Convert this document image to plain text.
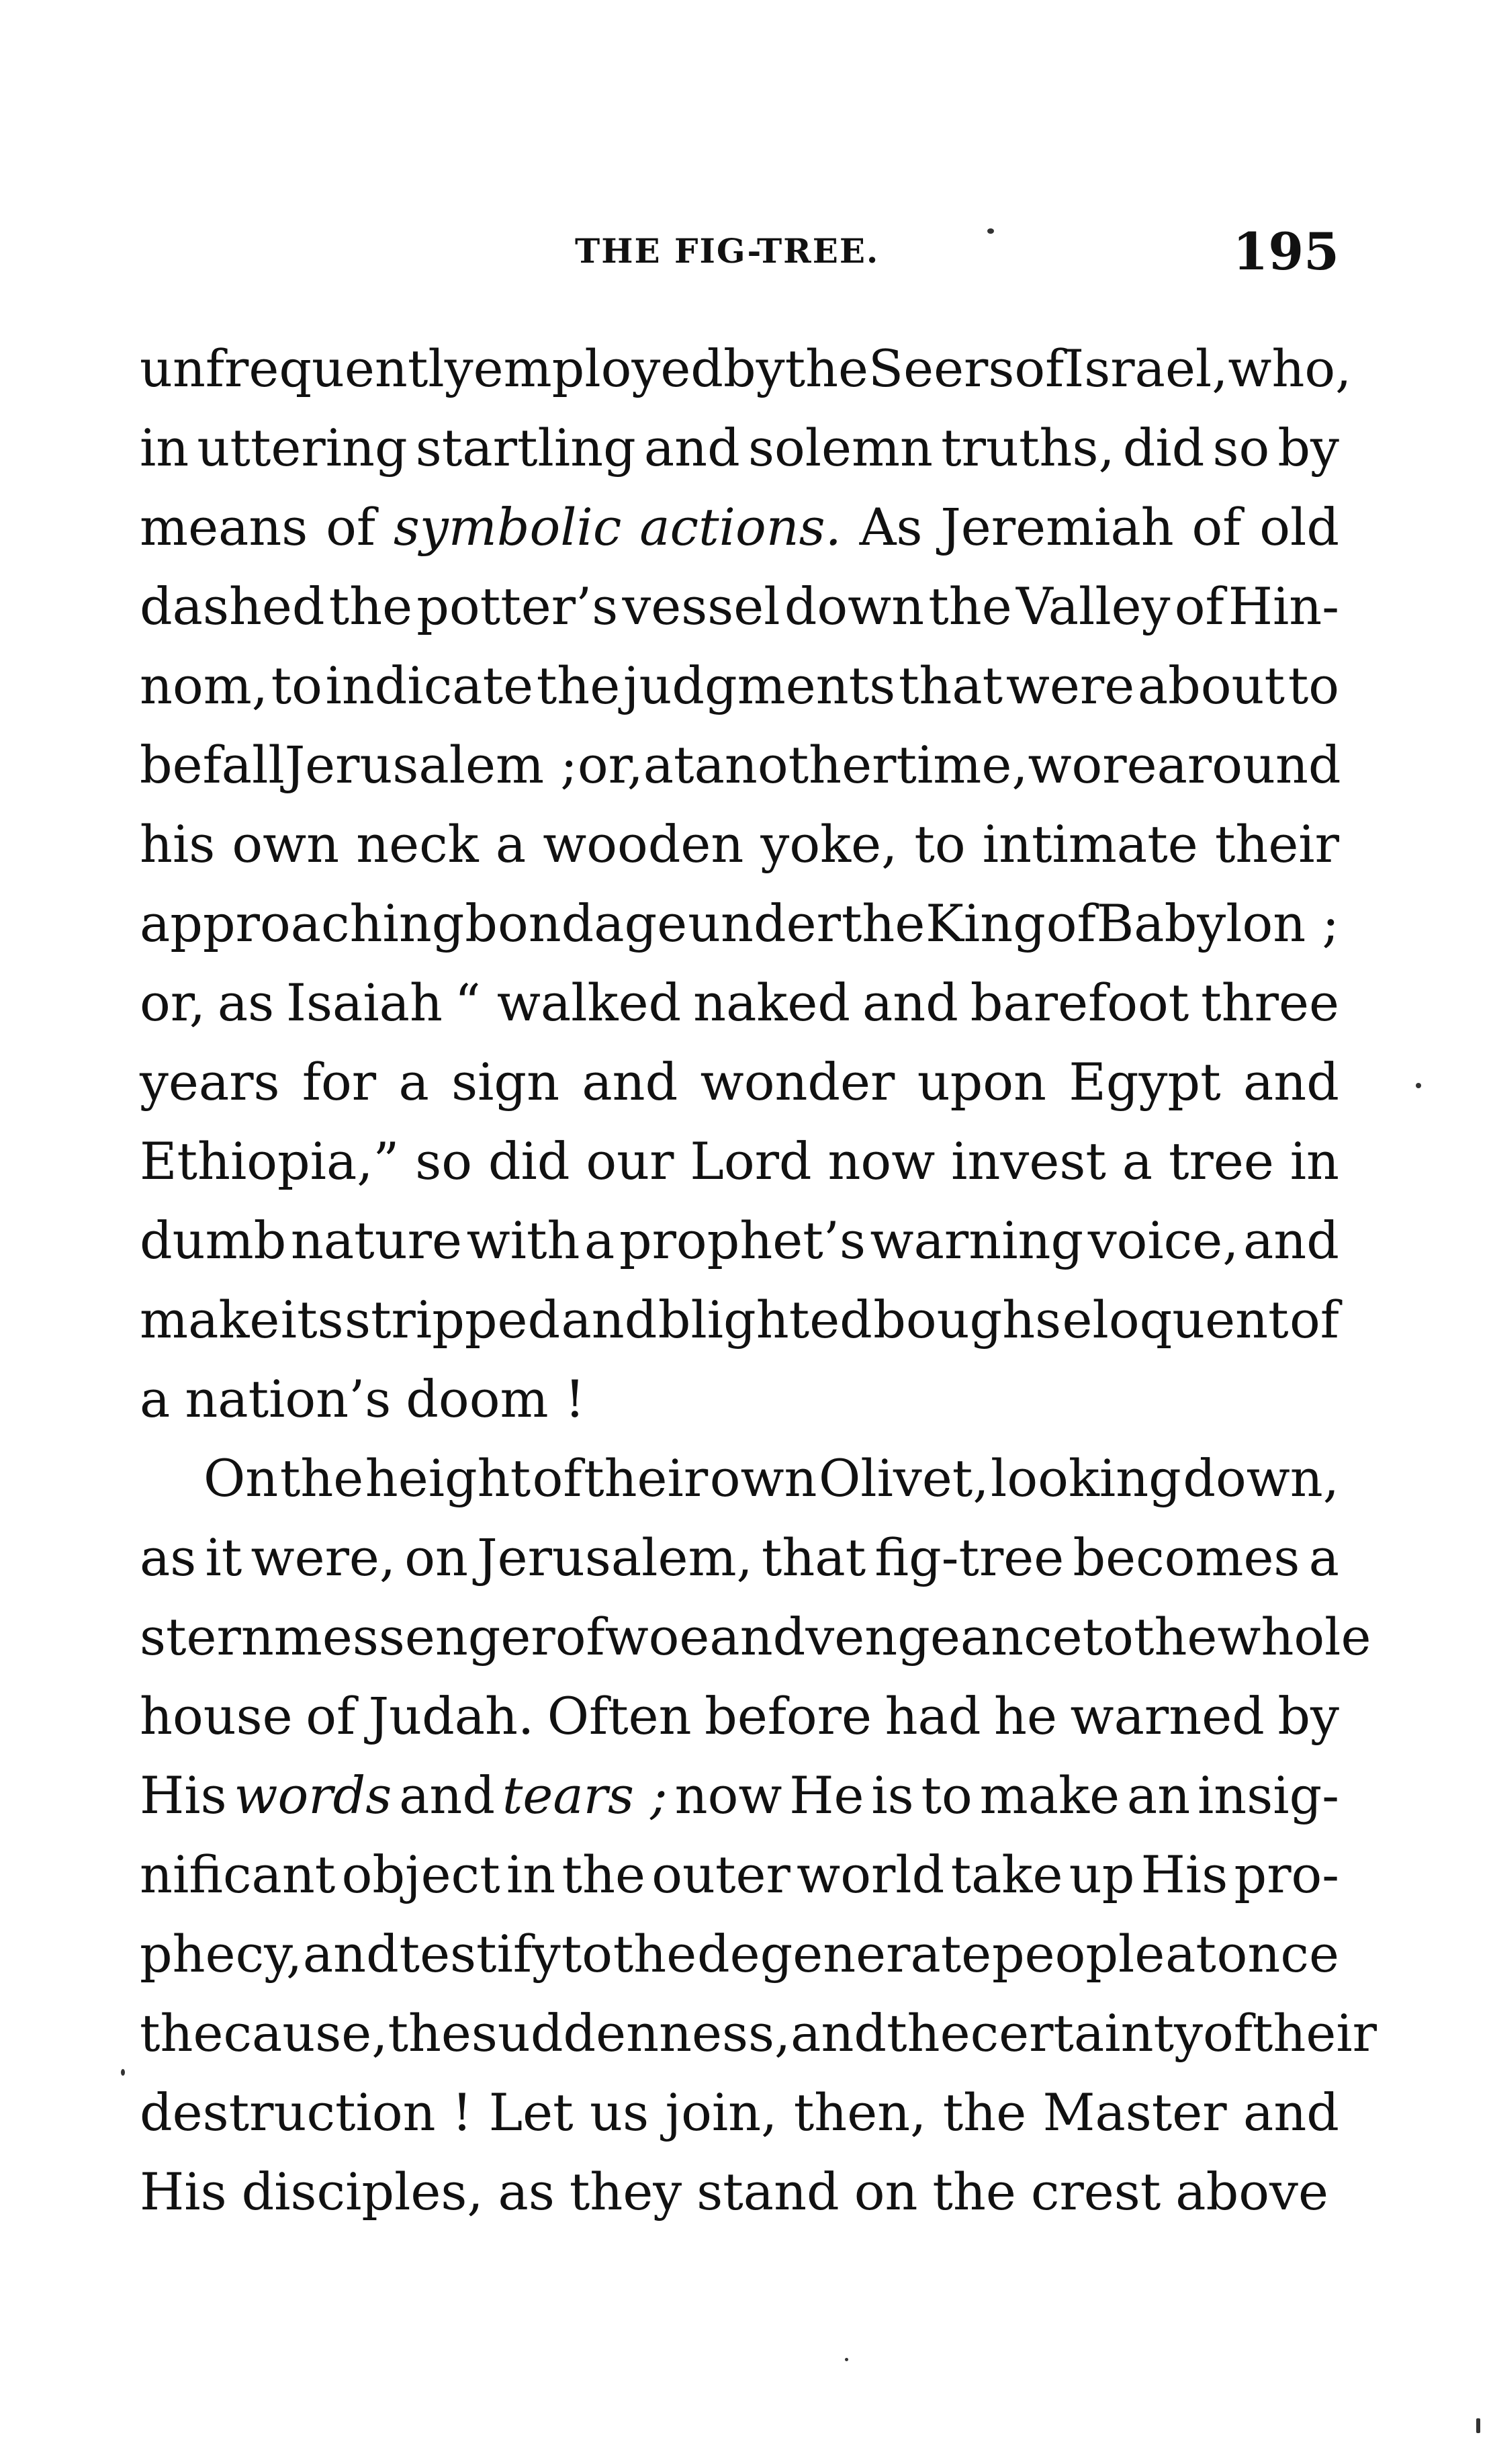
THE FIG-TREE.	195
unfrequently employed by the Seers of Israel, who,
in uttering startling and solemn truths, did so by
means of symbolic actions. As Jeremiah of old
dashed the potter’s vessel down the Valley of Hin-
nom, to indicate the judgments that were about to
befall Jerusalem ; or, at another time, wore around
his own neck a wooden yoke, to intimate their
approaching bondage under the King of Babylon ;
or, as Isaiah “ walked naked and barefoot three
years for a sign and wonder upon Egypt and
Ethiopia,” so did our Lord now invest a tree in
dumb nature with a prophet’s warning voice, and
make its stripped and blighted boughs eloquent of
a nation’s doom !
On the height of their own Olivet, looking down,
as it were, on Jerusalem, that fig-tree becomes a
stern messenger of woe and vengeance to the whole
house of Judah. Often before had he warned by
His words and tears ; now He is to make an insig-
nificant object in the outer world take up His pro-
phecy, and testify to the degenerate people at once
the cause, the suddenness, and the certainty of their
destruction ! Let us join, then, the Master and
His disciples, as they stand on the crest above
